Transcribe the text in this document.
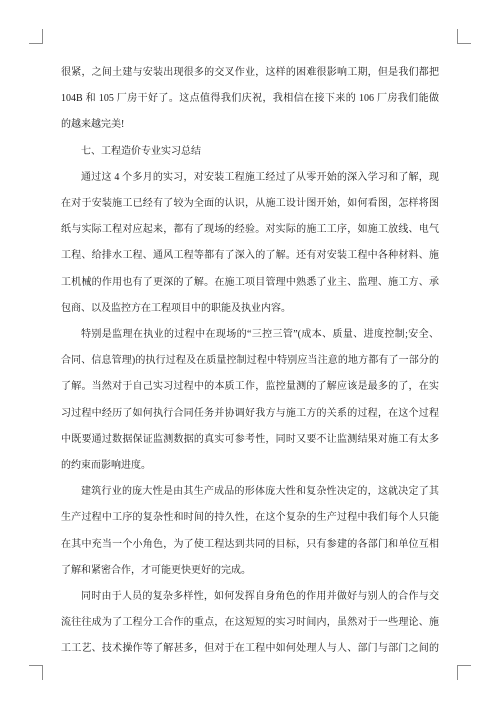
很紧，之间土建与安装出现很多的交叉作业，这样的困难很影响工期，但是我们都把
104B 和 105 厂房干好了。这点值得我们庆祝，我相信在接下来的 106 厂房我们能做
的越来越完美!
七、工程造价专业实习总结
通过这 4 个多月的实习，对安装工程施工经过了从零开始的深入学习和了解，现
在对于安装施工已经有了较为全面的认识，从施工设计图开始，如何看图，怎样将图
纸与实际工程对应起来，都有了现场的经验。对实际的施工工序，如施工放线、电气
工程、给排水工程、通风工程等都有了深入的了解。还有对安装工程中各种材料、施
工机械的作用也有了更深的了解。在施工项目管理中熟悉了业主、监理、施工方、承
包商、以及监控方在工程项目中的职能及执业内容。
特别是监理在执业的过程中在现场的“三控三管”(成本、质量、进度控制;安全、
合同、信息管理)的执行过程及在质量控制过程中特别应当注意的地方都有了一部分的
了解。当然对于自己实习过程中的本质工作，监控量测的了解应该是最多的了，在实
习过程中经历了如何执行合同任务并协调好我方与施工方的关系的过程，在这个过程
中既要通过数据保证监测数据的真实可参考性，同时又要不让监测结果对施工有太多
的约束而影响进度。
建筑行业的庞大性是由其生产成品的形体庞大性和复杂性决定的，这就决定了其
生产过程中工序的复杂性和时间的持久性，在这个复杂的生产过程中我们每个人只能
在其中充当一个小角色，为了使工程达到共同的目标，只有参建的各部门和单位互相
了解和紧密合作，才可能更快更好的完成。
同时由于人员的复杂多样性，如何发挥自身角色的作用并做好与别人的合作与交
流往往成为了工程分工合作的重点，在这短短的实习时间内，虽然对于一些理论、施
工工艺、技术操作等了解甚多，但对于在工程中如何处理人与人、部门与部门之间的
